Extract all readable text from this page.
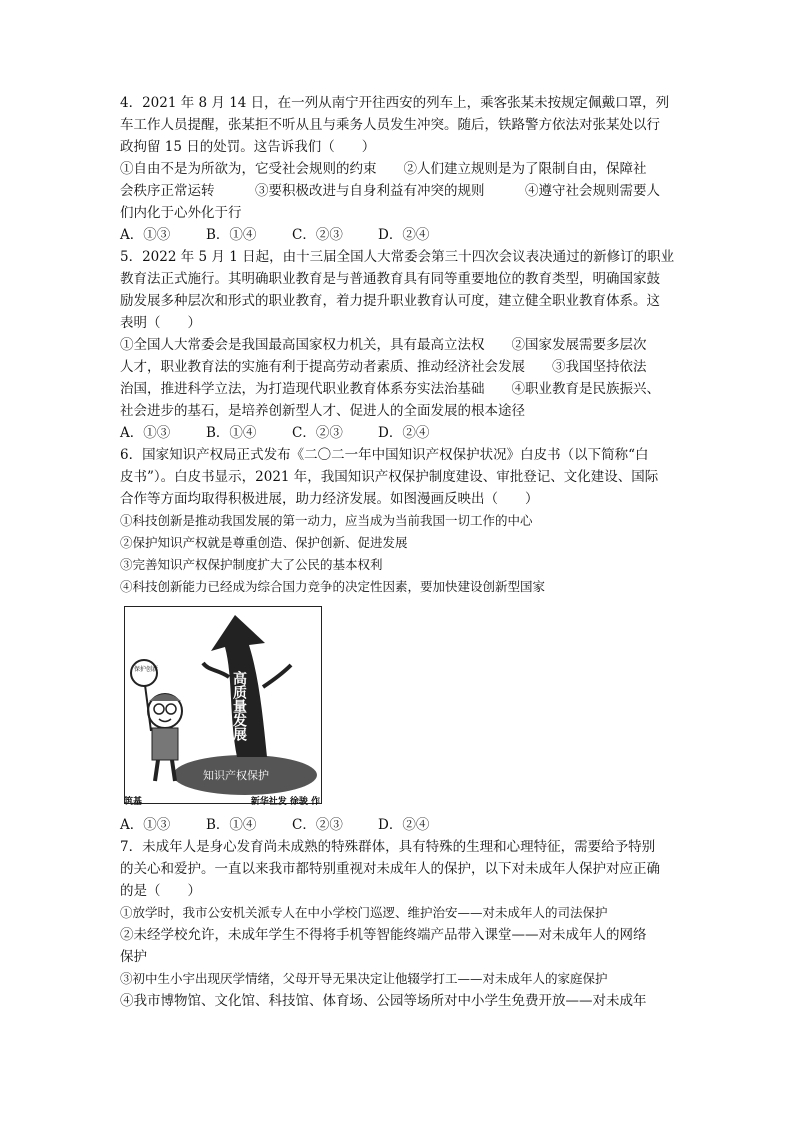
4．2021 年 8 月 14 日，在一列从南宁开往西安的列车上，乘客张某未按规定佩戴口罩，列
车工作人员提醒，张某拒不听从且与乘务人员发生冲突。随后，铁路警方依法对张某处以行
政拘留 15 日的处罚。这告诉我们（　　）
①自由不是为所欲为，它受社会规则的约束　　②人们建立规则是为了限制自由，保障社
会秩序正常运转　　　③要积极改进与自身利益有冲突的规则　　　④遵守社会规则需要人
们内化于心外化于行
A．①③	B．①④	C．②③	D．②④
5．2022 年 5 月 1 日起，由十三届全国人大常委会第三十四次会议表决通过的新修订的职业
教育法正式施行。其明确职业教育是与普通教育具有同等重要地位的教育类型，明确国家鼓
励发展多种层次和形式的职业教育，着力提升职业教育认可度，建立健全职业教育体系。这
表明（　　）
①全国人大常委会是我国最高国家权力机关，具有最高立法权　　②国家发展需要多层次
人才，职业教育法的实施有利于提高劳动者素质、推动经济社会发展　　③我国坚持依法
治国，推进科学立法，为打造现代职业教育体系夯实法治基础　　④职业教育是民族振兴、
社会进步的基石，是培养创新型人才、促进人的全面发展的根本途径
A．①③	B．①④	C．②③	D．②④
6．国家知识产权局正式发布《二〇二一年中国知识产权保护状况》白皮书（以下简称“白
皮书”）。白皮书显示，2021 年，我国知识产权保护制度建设、审批登记、文化建设、国际
合作等方面均取得积极进展，助力经济发展。如图漫画反映出（　　）
①科技创新是推动我国发展的第一动力，应当成为当前我国一切工作的中心
②保护知识产权就是尊重创造、保护创新、促进发展
③完善知识产权保护制度扩大了公民的基本权利
④科技创新能力已经成为综合国力竞争的决定性因素，要加快建设创新型国家
知识产权保护
高质量发展
保护创新
筑基	新华社发 徐骏 作
A．①③	B．①④	C．②③	D．②④
7．未成年人是身心发育尚未成熟的特殊群体，具有特殊的生理和心理特征，需要给予特别
的关心和爱护。一直以来我市都特别重视对未成年人的保护，以下对未成年人保护对应正确
的是（　　）
①放学时，我市公安机关派专人在中小学校门巡逻、维护治安——对未成年人的司法保护
②未经学校允许，未成年学生不得将手机等智能终端产品带入课堂——对未成年人的网络
保护
③初中生小宇出现厌学情绪，父母开导无果决定让他辍学打工——对未成年人的家庭保护
④我市博物馆、文化馆、科技馆、体育场、公园等场所对中小学生免费开放——对未成年
